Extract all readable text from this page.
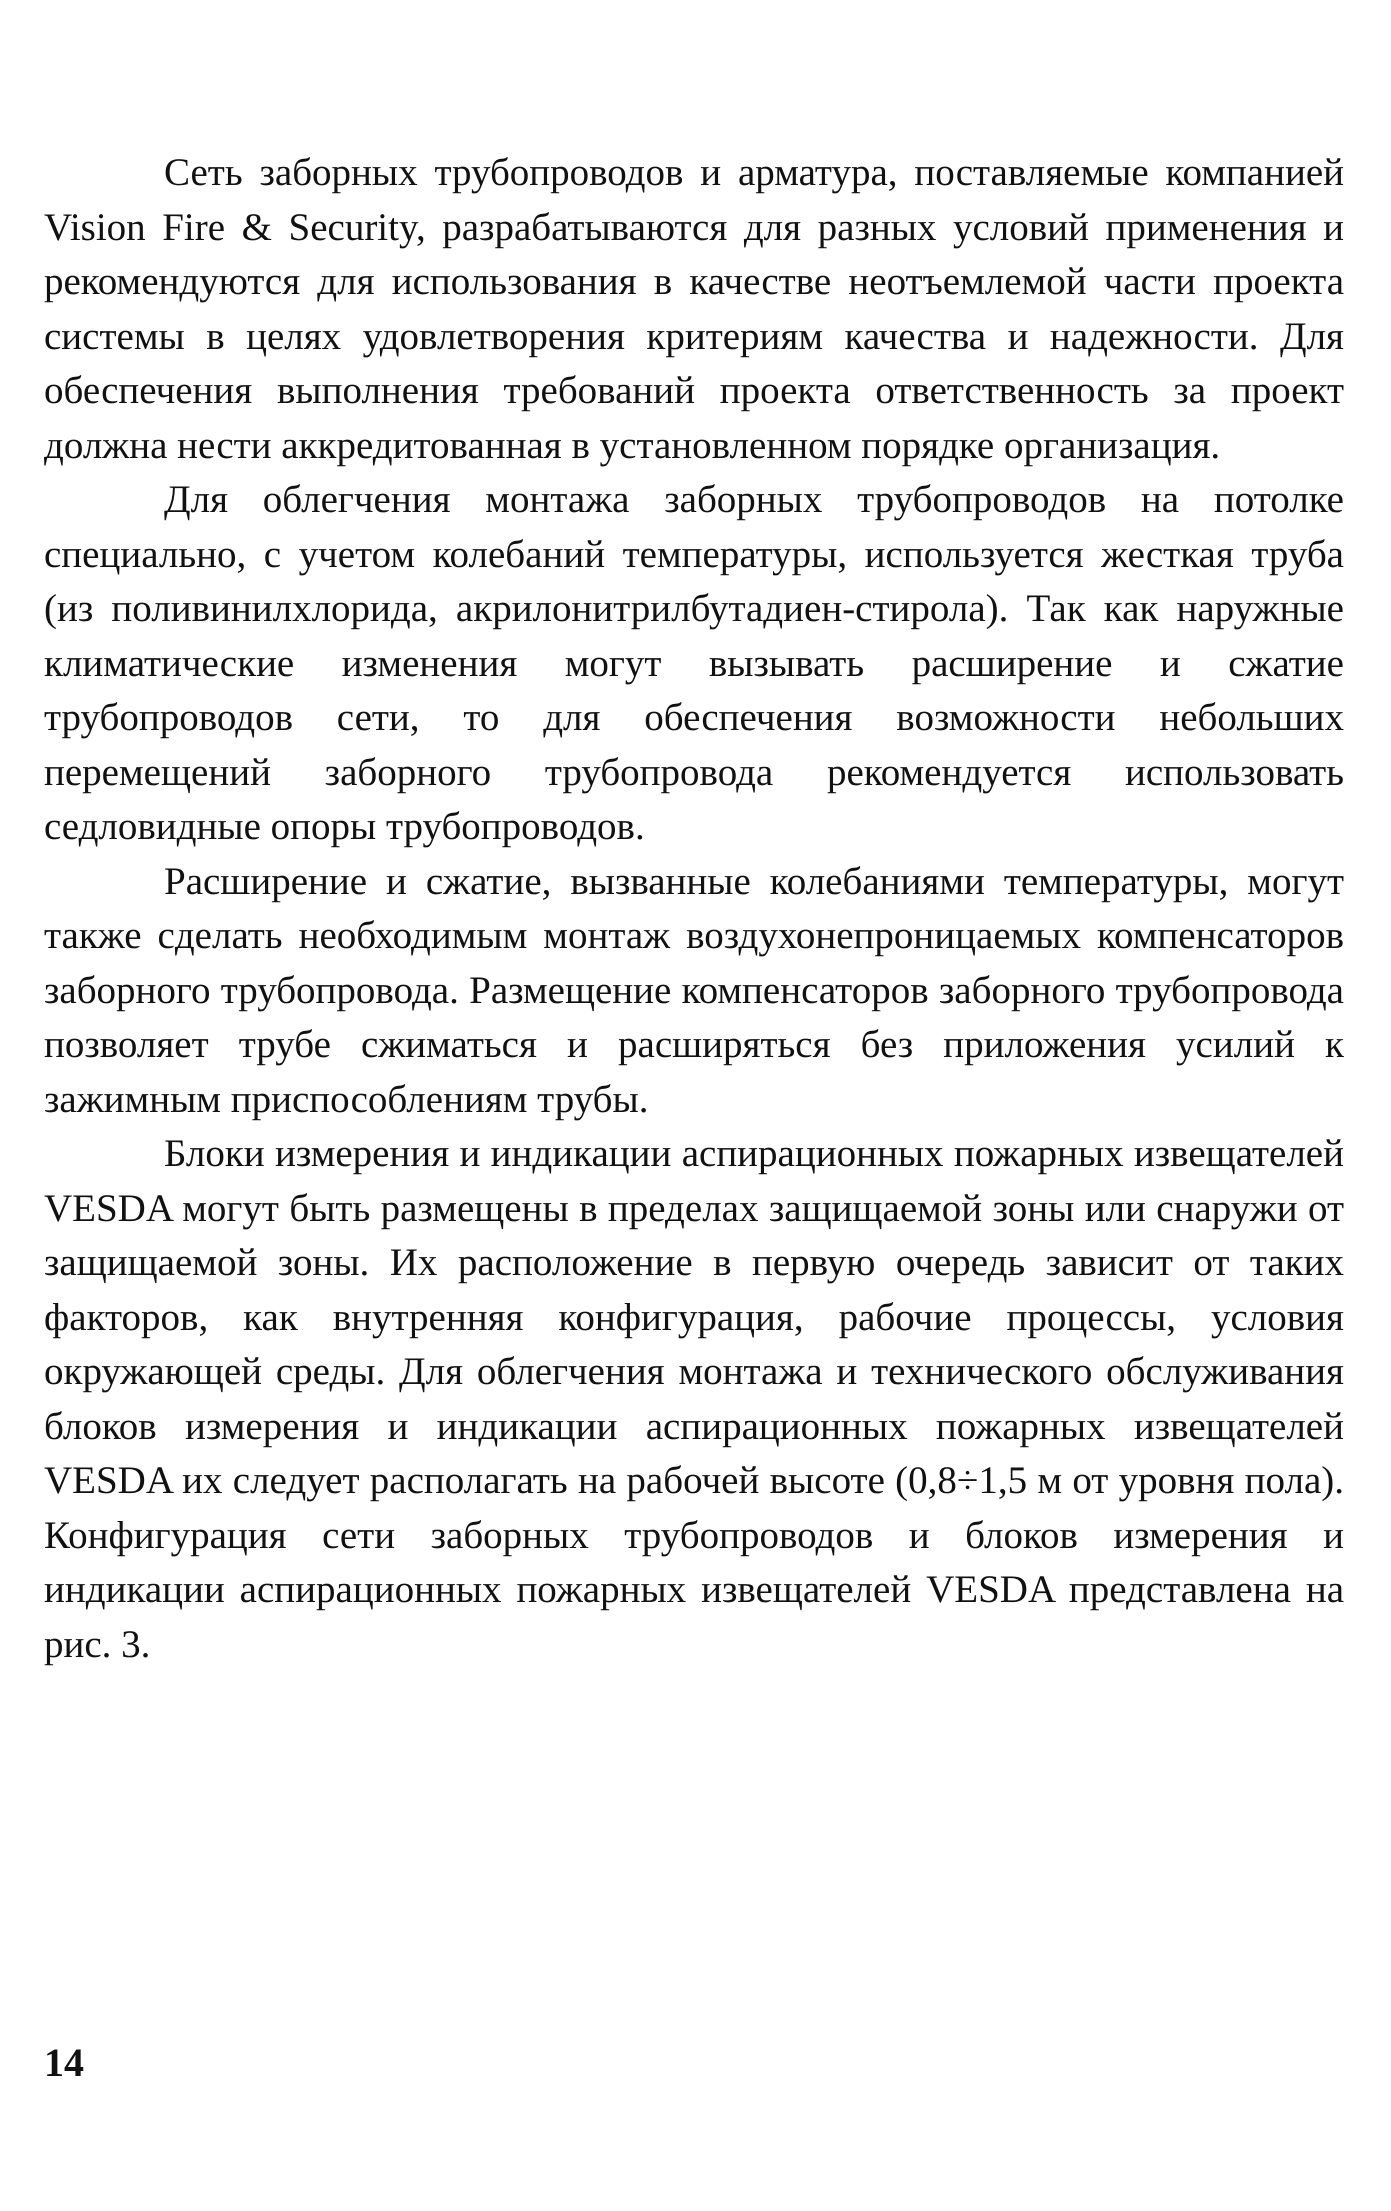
Сеть заборных трубопроводов и арматура, поставляемые компанией Vision Fire & Security, разрабатываются для разных условий применения и рекомендуются для использования в качестве неотъемлемой части проекта системы в целях удовлетворения критериям качества и надежности. Для обеспечения выполнения требований проекта ответственность за проект должна нести аккредитованная в установленном порядке организация.

Для облегчения монтажа заборных трубопроводов на потолке специально, с учетом колебаний температуры, используется жесткая труба (из поливинилхлорида, акрилонитрилбутадиен-стирола). Так как наружные климатические изменения могут вызывать расширение и сжатие трубопроводов сети, то для обеспечения возможности небольших перемещений заборного трубопровода рекомендуется использовать седловидные опоры трубопроводов.

Расширение и сжатие, вызванные колебаниями температуры, могут также сделать необходимым монтаж воздухонепроницаемых компенсаторов заборного трубопровода. Размещение компенсаторов заборного трубопровода позволяет трубе сжиматься и расширяться без приложения усилий к зажимным приспособлениям трубы.

Блоки измерения и индикации аспирационных пожарных извещателей VESDA могут быть размещены в пределах защищаемой зоны или снаружи от защищаемой зоны. Их расположение в первую очередь зависит от таких факторов, как внутренняя конфигурация, рабочие процессы, условия окружающей среды. Для облегчения монтажа и технического обслуживания блоков измерения и индикации аспирационных пожарных извещателей VESDA их следует располагать на рабочей высоте (0,8÷1,5 м от уровня пола). Конфигурация сети заборных трубопроводов и блоков измерения и индикации аспирационных пожарных извещателей VESDA представлена на рис. 3.

14
